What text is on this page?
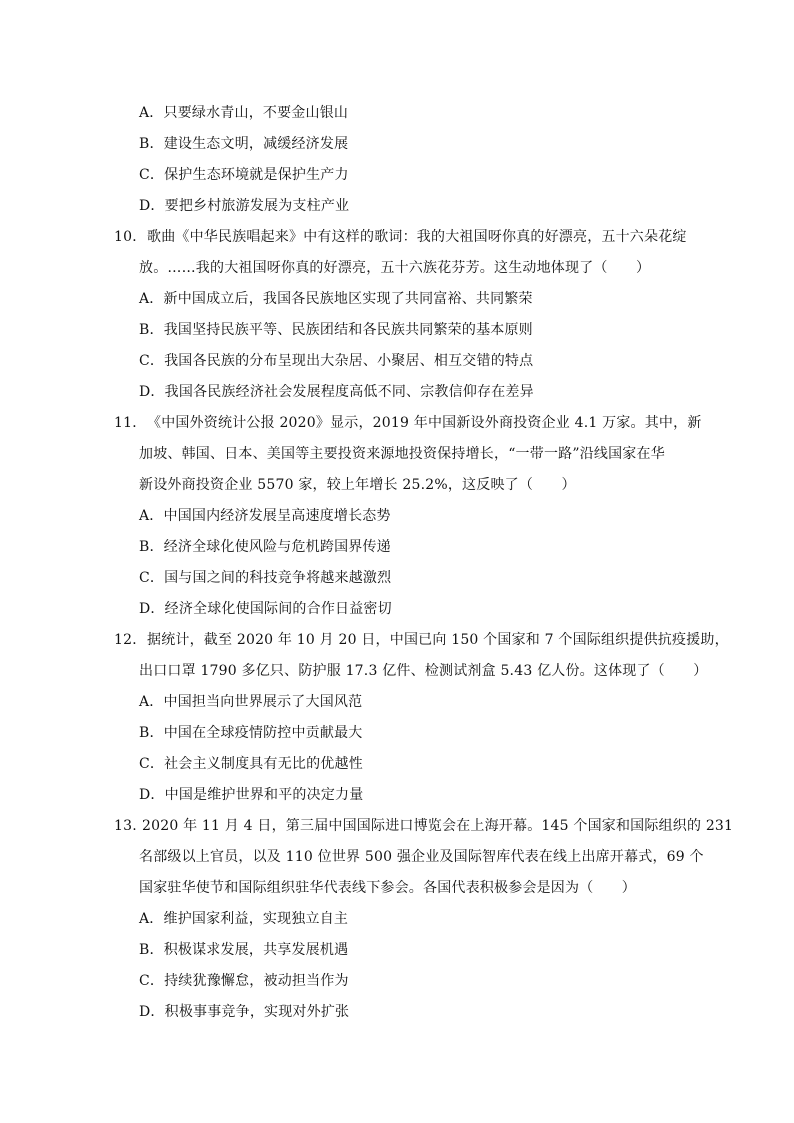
A．只要绿水青山，不要金山银山
B．建设生态文明，减缓经济发展
C．保护生态环境就是保护生产力
D．要把乡村旅游发展为支柱产业
10． 歌曲《中华民族唱起来》中有这样的歌词：我的大祖国呀你真的好漂亮，五十六朵花绽
放。……我的大祖国呀你真的好漂亮，五十六族花芬芳。这生动地体现了（　　）
A．新中国成立后，我国各民族地区实现了共同富裕、共同繁荣
B．我国坚持民族平等、民族团结和各民族共同繁荣的基本原则
C．我国各民族的分布呈现出大杂居、小聚居、相互交错的特点
D．我国各民族经济社会发展程度高低不同、宗教信仰存在差异
11． 《中国外资统计公报 2020》显示，2019 年中国新设外商投资企业 4.1 万家。其中，新
加坡、韩国、日本、美国等主要投资来源地投资保持增长，“一带一路”沿线国家在华
新设外商投资企业 5570 家，较上年增长 25.2%，这反映了（　　）
A．中国国内经济发展呈高速度增长态势
B．经济全球化使风险与危机跨国界传递
C．国与国之间的科技竞争将越来越激烈
D．经济全球化使国际间的合作日益密切
12． 据统计，截至 2020 年 10 月 20 日，中国已向 150 个国家和 7 个国际组织提供抗疫援助，
出口口罩 1790 多亿只、防护服 17.3 亿件、检测试剂盒 5.43 亿人份。这体现了（　　）
A．中国担当向世界展示了大国风范
B．中国在全球疫情防控中贡献最大
C．社会主义制度具有无比的优越性
D．中国是维护世界和平的决定力量
13. 2020 年 11 月 4 日，第三届中国国际进口博览会在上海开幕。145 个国家和国际组织的 231
名部级以上官员，以及 110 位世界 500 强企业及国际智库代表在线上出席开幕式，69 个
国家驻华使节和国际组织驻华代表线下参会。各国代表积极参会是因为（　　）
A．维护国家利益，实现独立自主
B．积极谋求发展，共享发展机遇
C．持续犹豫懈怠，被动担当作为
D．积极事事竞争，实现对外扩张
